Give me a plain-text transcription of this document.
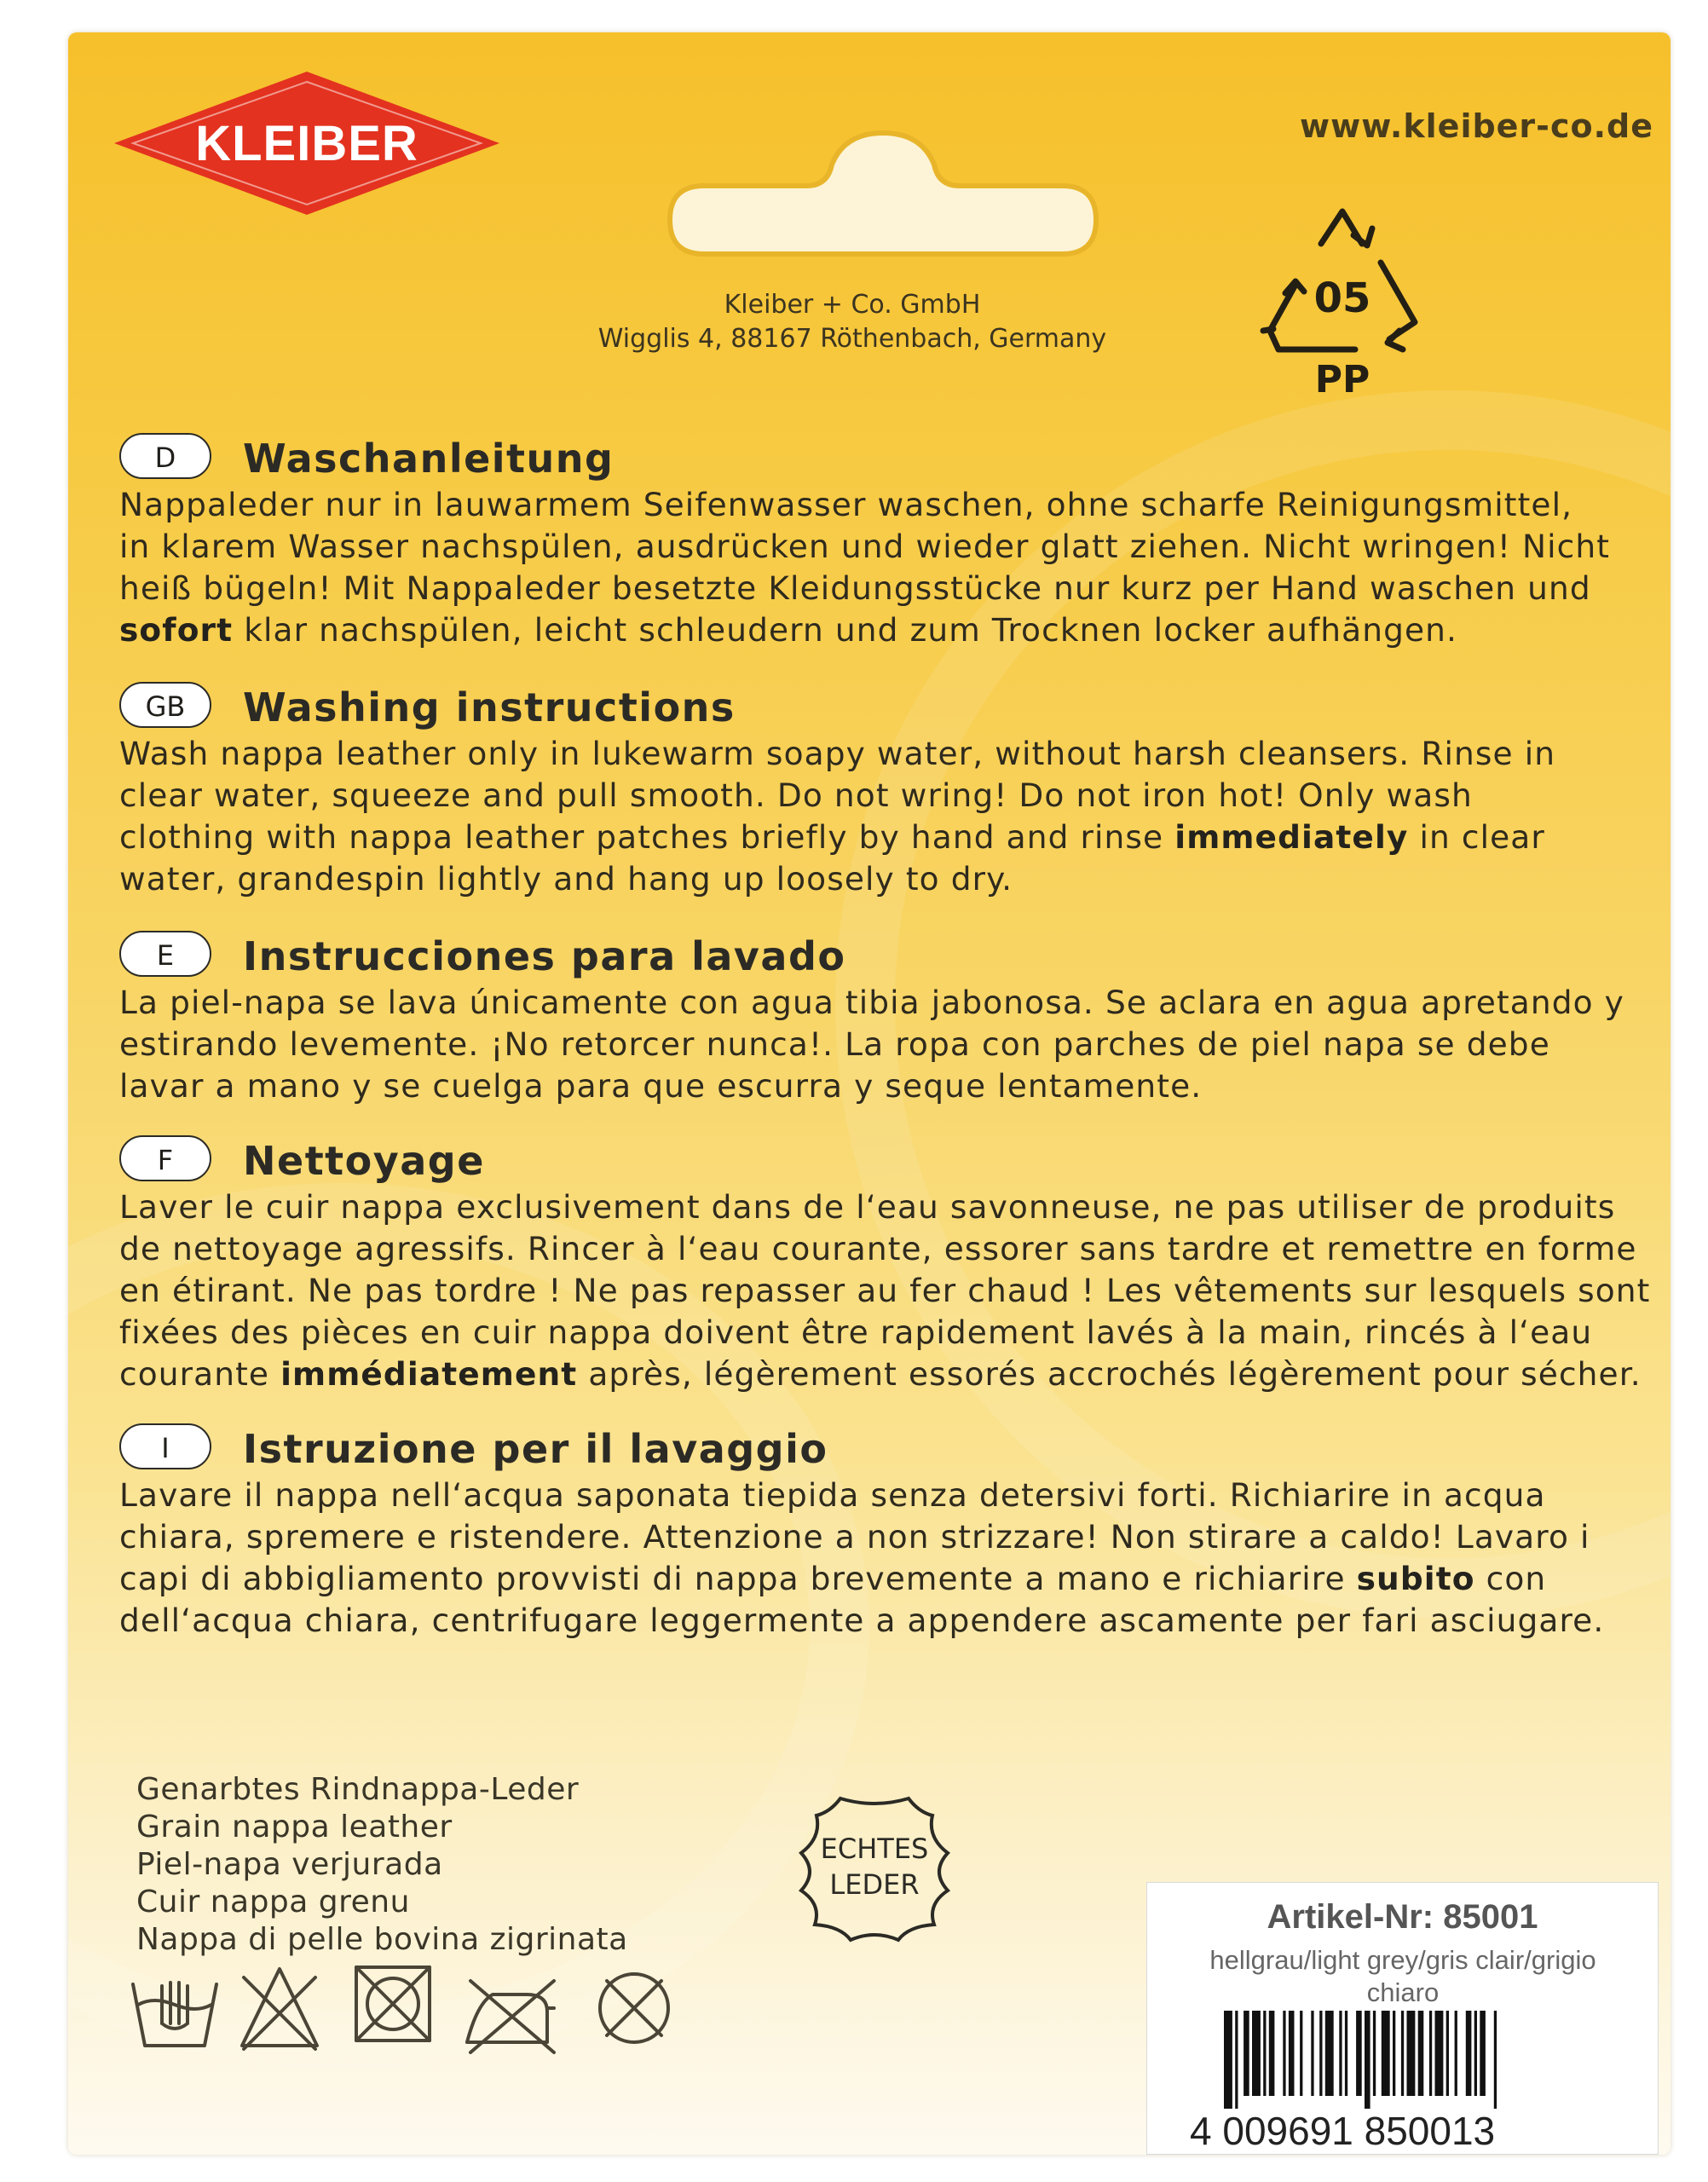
KLEIBER	www.kleiber-co.de
Kleiber + Co. GmbH
Wigglis 4, 88167 Röthenbach, Germany
05
PP
D	Waschanleitung

Nappaleder nur in lauwarmem Seifenwasser waschen, ohne scharfe Reinigungsmittel,

in klarem Wasser nachspülen, ausdrücken und wieder glatt ziehen. Nicht wringen! Nicht

heiß bügeln! Mit Nappaleder besetzte Kleidungsstücke nur kurz per Hand waschen und

sofort klar nachspülen, leicht schleudern und zum Trocknen locker aufhängen.

GB	Washing instructions

Wash nappa leather only in lukewarm soapy water, without harsh cleansers. Rinse in

clear water, squeeze and pull smooth. Do not wring! Do not iron hot! Only wash

clothing with nappa leather patches briefly by hand and rinse immediately in clear

water, grandespin lightly and hang up loosely to dry.

E	Instrucciones para lavado

La piel-napa se lava únicamente con agua tibia jabonosa. Se aclara en agua apretando y

estirando levemente. ¡No retorcer nunca!. La ropa con parches de piel napa se debe

lavar a mano y se cuelga para que escurra y seque lentamente.

F	Nettoyage

Laver le cuir nappa exclusivement dans de l‘eau savonneuse, ne pas utiliser de produits

de nettoyage agressifs. Rincer à l‘eau courante, essorer sans tardre et remettre en forme

en étirant. Ne pas tordre ! Ne pas repasser au fer chaud ! Les vêtements sur lesquels sont

fixées des pièces en cuir nappa doivent être rapidement lavés à la main, rincés à l‘eau

courante immédiatement après, légèrement essorés accrochés légèrement pour sécher.

I	Istruzione per il lavaggio

Lavare il nappa nell‘acqua saponata tiepida senza detersivi forti. Richiarire in acqua

chiara, spremere e ristendere. Attenzione a non strizzare! Non stirare a caldo! Lavaro i

capi di abbigliamento provvisti di nappa brevemente a mano e richiarire subito con

dell‘acqua chiara, centrifugare leggermente a appendere ascamente per fari asciugare.

Genarbtes Rindnappa-Leder
Grain nappa leather
Piel-napa verjurada
Cuir nappa grenu
Nappa di pelle bovina zigrinata
ECHTES
LEDER
Artikel-Nr: 85001
hellgrau/light grey/gris clair/grigio
chiaro
4 009691 850013
